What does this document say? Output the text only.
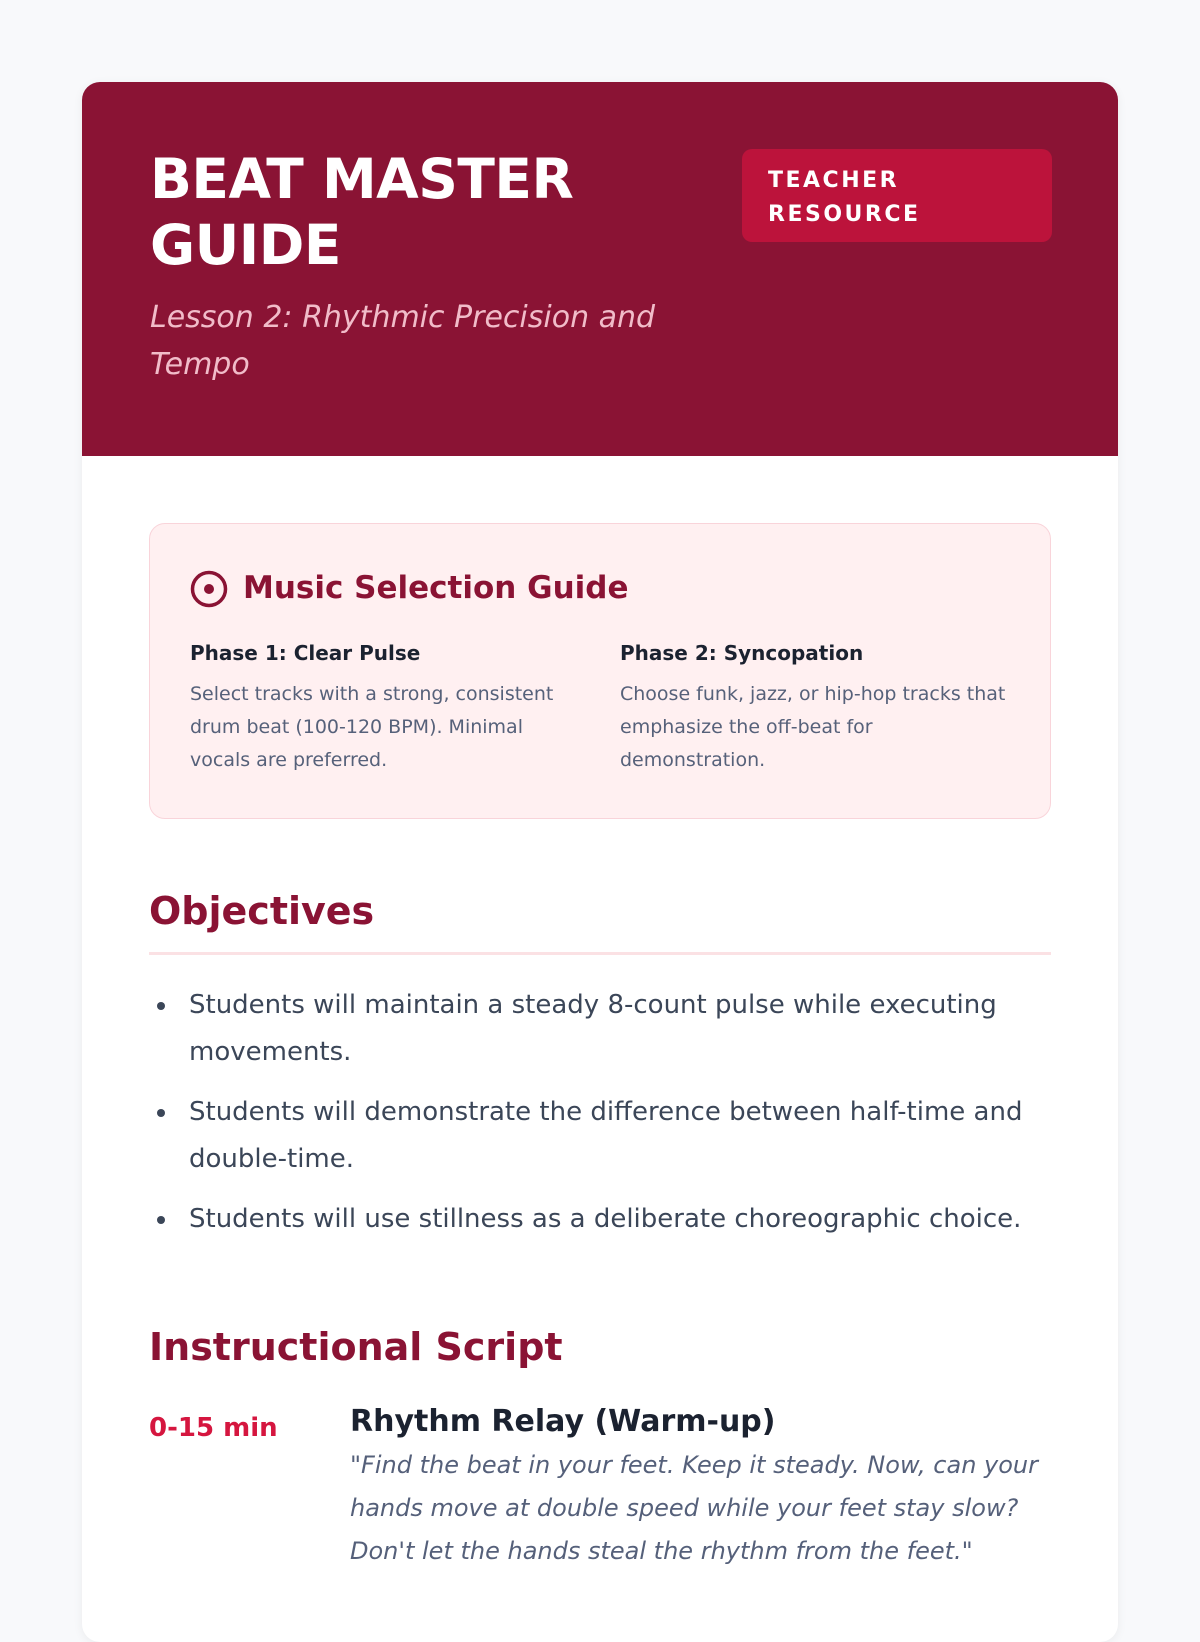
BEAT MASTER GUIDE
Lesson 2: Rhythmic Precision and Tempo
TEACHER RESOURCE
Music Selection Guide
Phase 1: Clear Pulse
Select tracks with a strong, consistent drum beat (100-120 BPM). Minimal vocals are preferred.
Phase 2: Syncopation
Choose funk, jazz, or hip-hop tracks that emphasize the off-beat for demonstration.
Objectives
Students will maintain a steady 8-count pulse while executing movements.
Students will demonstrate the difference between half-time and double-time.
Students will use stillness as a deliberate choreographic choice.
Instructional Script
0-15 min Rhythm Relay (Warm-up)
"Find the beat in your feet. Keep it steady. Now, can your hands move at double speed while your feet stay slow? Don't let the hands steal the rhythm from the feet."
